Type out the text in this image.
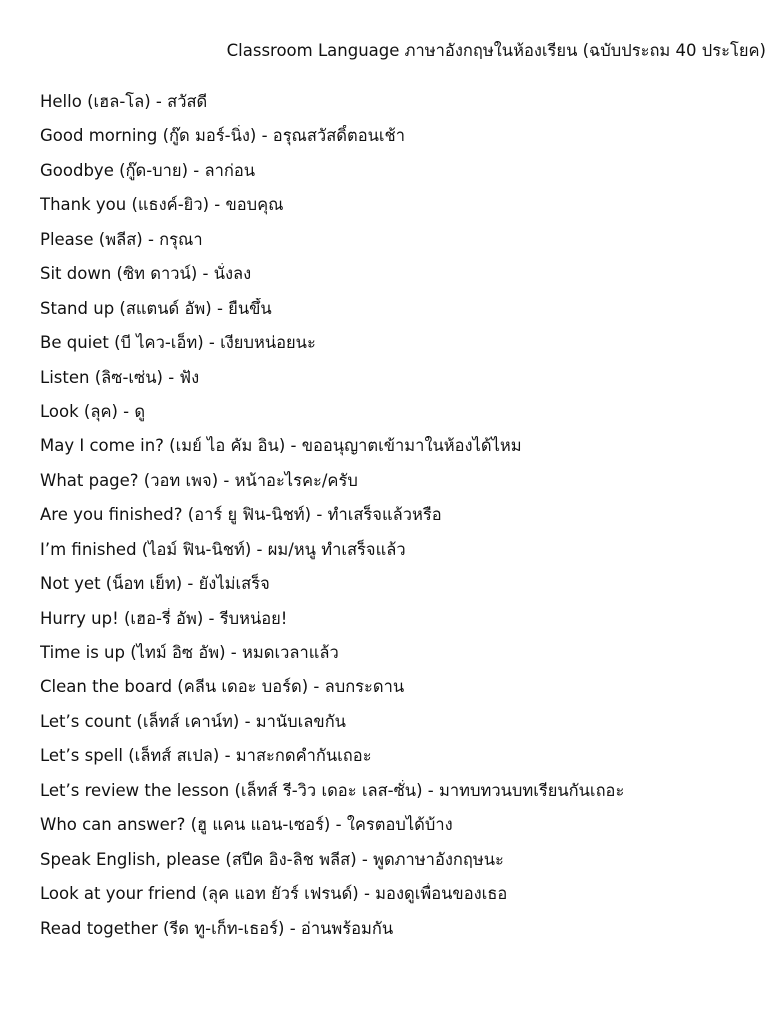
Classroom Language ภาษาอังกฤษในห้องเรียน (ฉบับประถม 40 ประโยค)
Hello (เฮล-โล) - สวัสดี
Good morning (กู๊ด มอร์-นิ่ง) - อรุณสวัสดิ์ตอนเช้า
Goodbye (กู๊ด-บาย) - ลาก่อน
Thank you (แธงค์-ยิว) - ขอบคุณ
Please (พลีส) - กรุณา
Sit down (ซิท ดาวน์) - นั่งลง
Stand up (สแตนด์ อัพ) - ยืนขึ้น
Be quiet (บี ไคว-เอ็ท) - เงียบหน่อยนะ
Listen (ลิซ-เซ่น) - ฟัง
Look (ลุค) - ดู
May I come in? (เมย์ ไอ คัม อิน) - ขออนุญาตเข้ามาในห้องได้ไหม
What page? (วอท เพจ) - หน้าอะไรคะ/ครับ
Are you finished? (อาร์ ยู ฟิน-นิชท์) - ทำเสร็จแล้วหรือ
I’m finished (ไอม์ ฟิน-นิชท์) - ผม/หนู ทำเสร็จแล้ว
Not yet (น็อท เย็ท) - ยังไม่เสร็จ
Hurry up! (เฮอ-รี่ อัพ) - รีบหน่อย!
Time is up (ไทม์ อิซ อัพ) - หมดเวลาแล้ว
Clean the board (คลีน เดอะ บอร์ด) - ลบกระดาน
Let’s count (เล็ทส์ เคาน์ท) - มานับเลขกัน
Let’s spell (เล็ทส์ สเปล) - มาสะกดคำกันเถอะ
Let’s review the lesson (เล็ทส์ รี-วิว เดอะ เลส-ซั่น) - มาทบทวนบทเรียนกันเถอะ
Who can answer? (ฮู แคน แอน-เซอร์) - ใครตอบได้บ้าง
Speak English, please (สปีค อิง-ลิช พลีส) - พูดภาษาอังกฤษนะ
Look at your friend (ลุค แอท ยัวร์ เฟรนด์) - มองดูเพื่อนของเธอ
Read together (รีด ทู-เก็ท-เธอร์) - อ่านพร้อมกัน
